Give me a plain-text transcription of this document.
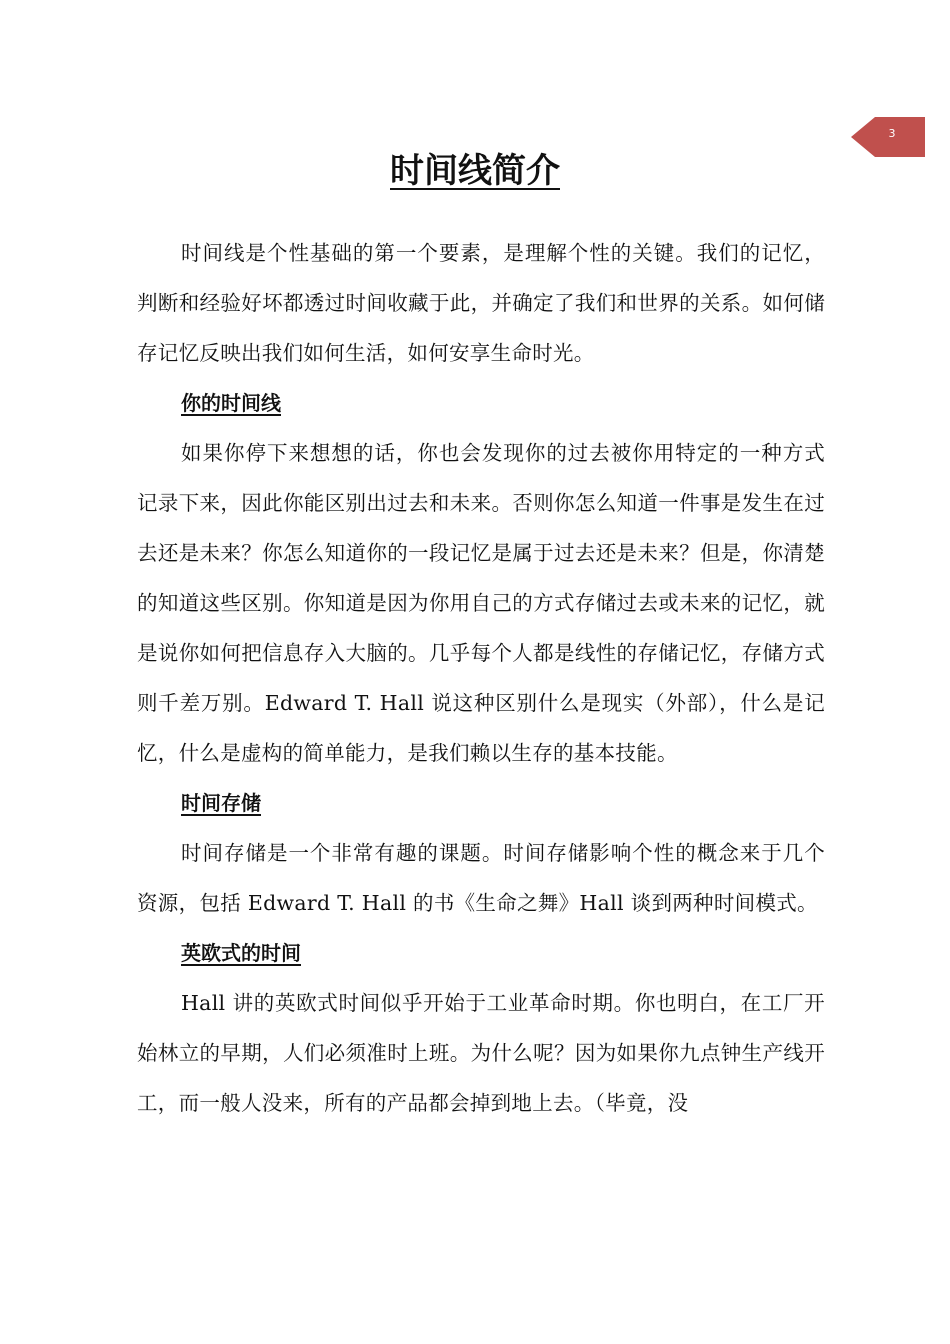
3
时间线简介

时间线是个性基础的第一个要素，是理解个性的关键。我们的记忆，判断和经验好坏都透过时间收藏于此，并确定了我们和世界的关系。如何储存记忆反映出我们如何生活，如何安享生命时光。

你的时间线

如果你停下来想想的话，你也会发现你的过去被你用特定的一种方式记录下来，因此你能区别出过去和未来。否则你怎么知道一件事是发生在过去还是未来？你怎么知道你的一段记忆是属于过去还是未来？但是，你清楚的知道这些区别。你知道是因为你用自己的方式存储过去或未来的记忆，就是说你如何把信息存入大脑的。几乎每个人都是线性的存储记忆，存储方式则千差万别。Edward T. Hall 说这种区别什么是现实（外部），什么是记忆，什么是虚构的简单能力，是我们赖以生存的基本技能。

时间存储

时间存储是一个非常有趣的课题。时间存储影响个性的概念来于几个资源，包括 Edward T. Hall 的书《生命之舞》Hall 谈到两种时间模式。

英欧式的时间

Hall 讲的英欧式时间似乎开始于工业革命时期。你也明白，在工厂开始林立的早期，人们必须准时上班。为什么呢？因为如果你九点钟生产线开工，而一般人没来，所有的产品都会掉到地上去。（毕竟，没
